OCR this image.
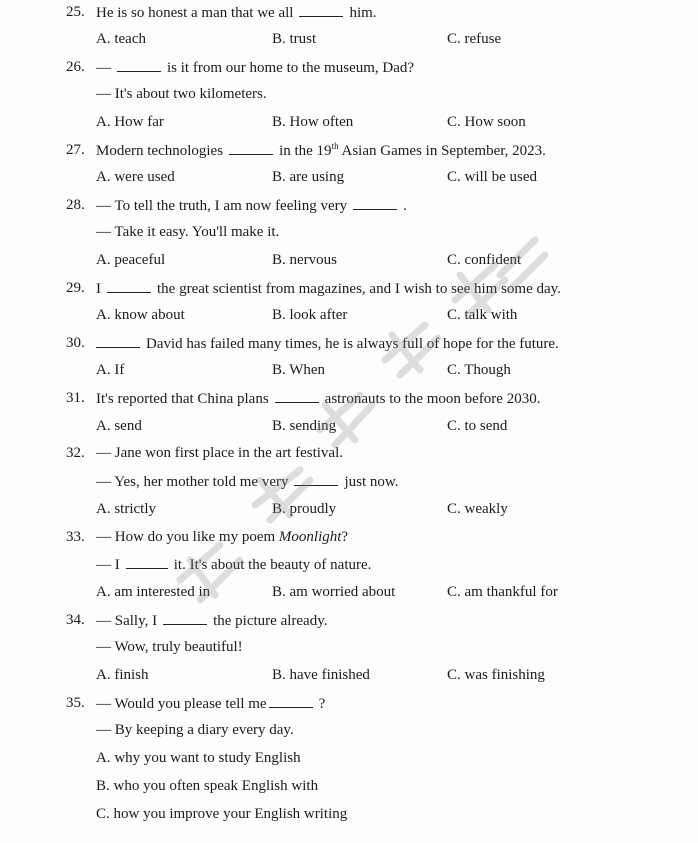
25. He is so honest a man that we all	him.
A. teach	B. trust	C. refuse
26. —	is it from our home to the museum, Dad?
— It's about two kilometers.
A. How far	B. How often	C. How soon
27. Modern technologies	in the 19th Asian Games in September, 2023.
A. were used	B. are using	C. will be used
28. — To tell the truth, I am now feeling very	.
— Take it easy. You'll make it.
A. peaceful	B. nervous	C. confident
29. I	the great scientist from magazines, and I wish to see him some day.
A. know about	B. look after	C. talk with
30.	David has failed many times, he is always full of hope for the future.
A. If	B. When	C. Though
31. It's reported that China plans	astronauts to the moon before 2030.
A. send	B. sending	C. to send
32. — Jane won first place in the art festival.
— Yes, her mother told me very	just now.
A. strictly	B. proudly	C. weakly
33. — How do you like my poem Moonlight?
— I	it. It's about the beauty of nature.
A. am interested in	B. am worried about	C. am thankful for
34. — Sally, I	the picture already.
— Wow, truly beautiful!
A. finish	B. have finished	C. was finishing
35. — Would you please tell me	?
— By keeping a diary every day.
A. why you want to study English
B. who you often speak English with
C. how you improve your English writing
